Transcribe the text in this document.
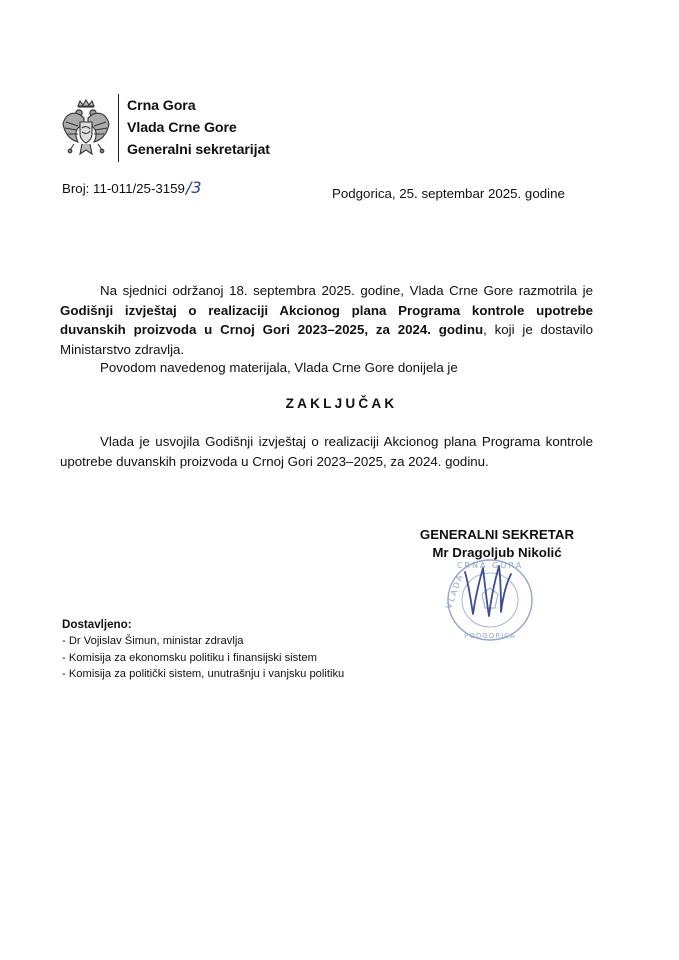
Crna Gora
Vlada Crne Gore
Generalni sekretarijat
Broj: 11-011/25-3159/3	Podgorica, 25. septembar 2025. godine
Na sjednici održanoj 18. septembra 2025. godine, Vlada Crne Gore razmotrila je Godišnji izvještaj o realizaciji Akcionog plana Programa kontrole upotrebe duvanskih proizvoda u Crnoj Gori 2023–2025, za 2024. godinu, koji je dostavilo Ministarstvo zdravlja.
Povodom navedenog materijala, Vlada Crne Gore donijela je
ZAKLJUČAK
Vlada je usvojila Godišnji izvještaj o realizaciji Akcionog plana Programa kontrole upotrebe duvanskih proizvoda u Crnoj Gori 2023–2025, za 2024. godinu.
GENERALNI SEKRETAR
Mr Dragoljub Nikolić
CRNA GORA
VLADA
PODGORICA
Dostavljeno:
- Dr Vojislav Šimun, ministar zdravlja
- Komisija za ekonomsku politiku i finansijski sistem
- Komisija za politički sistem, unutrašnju i vanjsku politiku
